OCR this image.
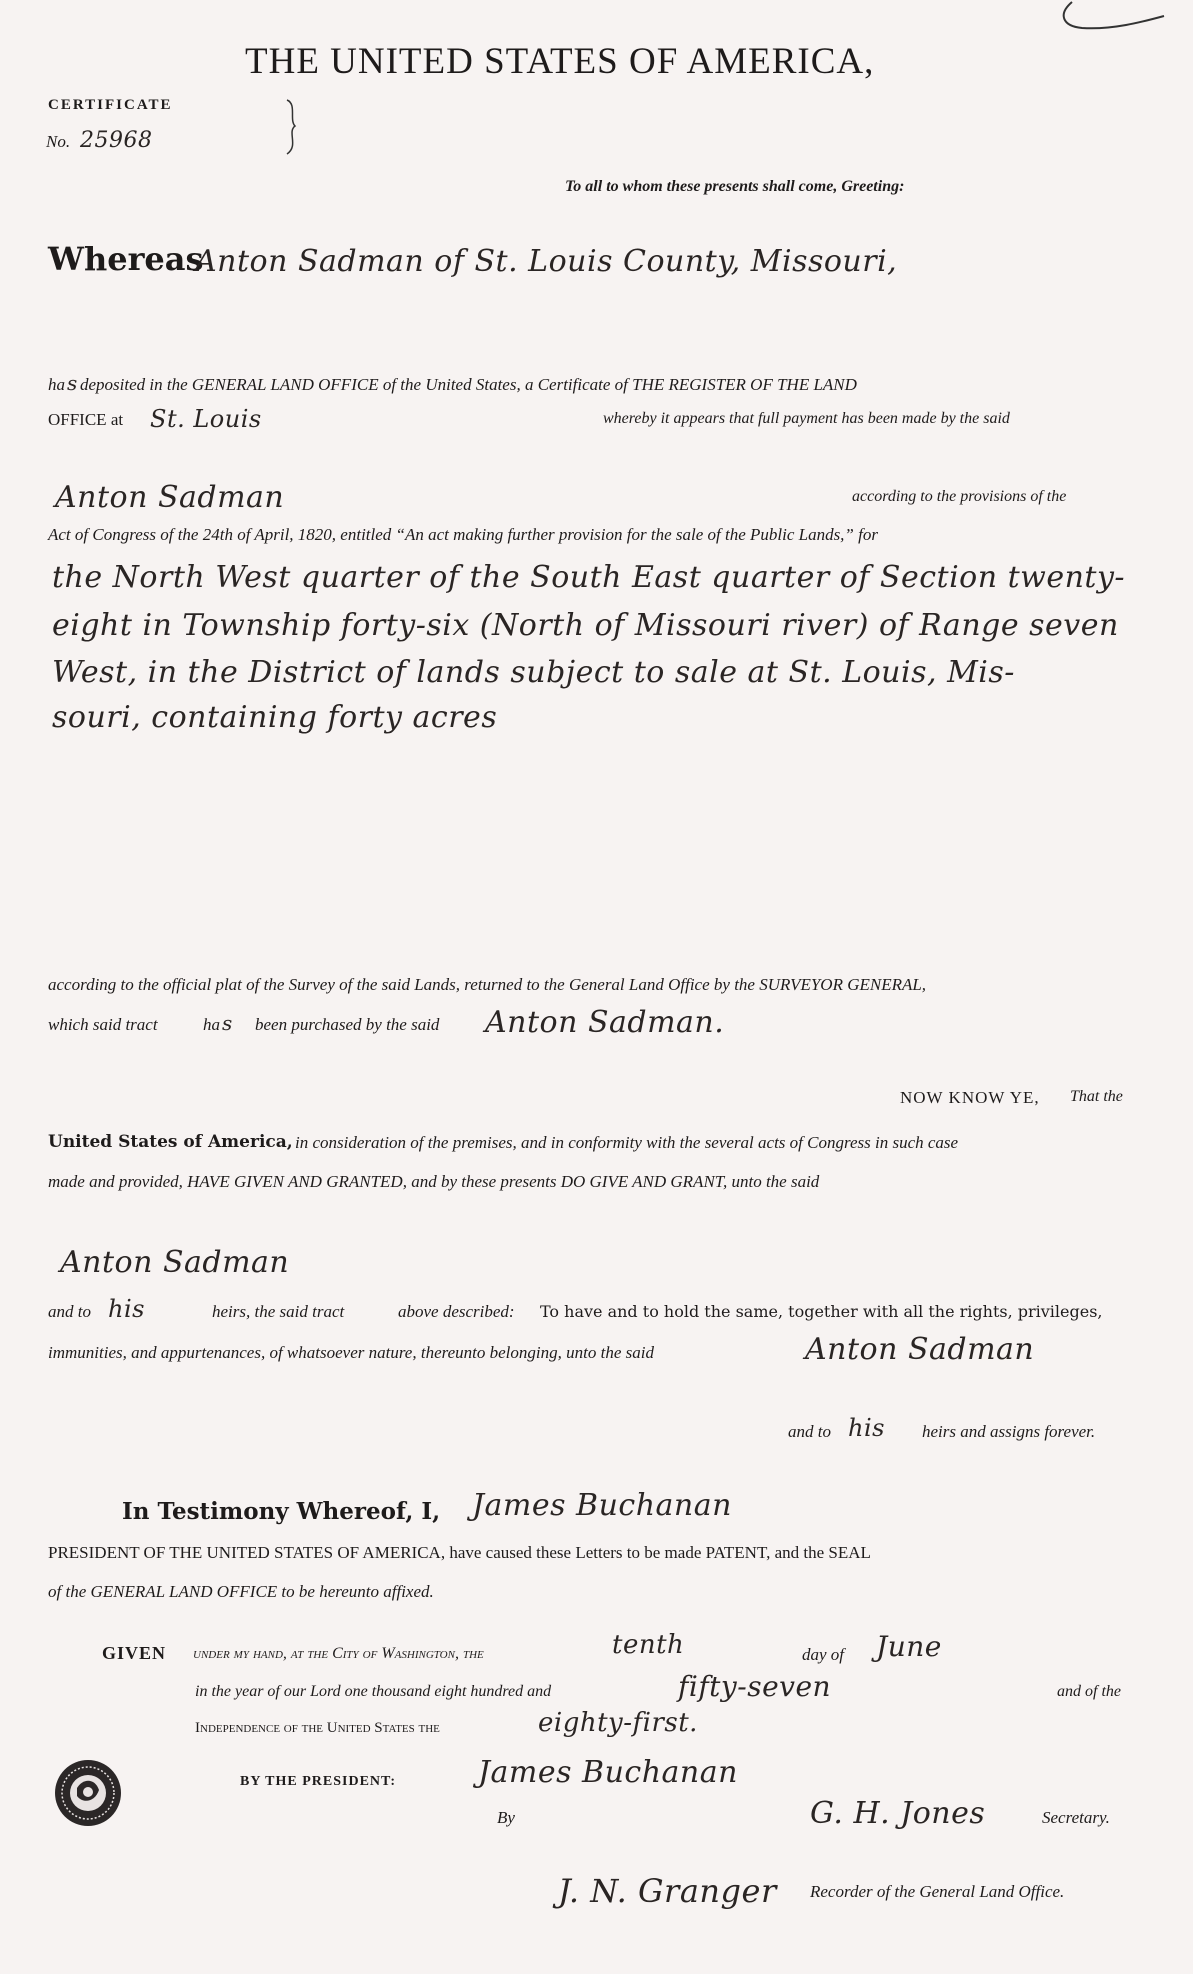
THE UNITED STATES OF AMERICA,
CERTIFICATE
No. 25968
To all to whom these presents shall come, Greeting:
Whereas
Anton Sadman of St. Louis County, Missouri,
ha s deposited in the GENERAL LAND OFFICE of the United States, a Certificate of THE REGISTER OF THE LAND
OFFICE at St. Louis	whereby it appears that full payment has been made by the said
Anton Sadman	according to the provisions of the
Act of Congress of the 24th of April, 1820, entitled “An act making further provision for the sale of the Public Lands,” for
the North West quarter of the South East quarter of Section twenty-
eight in Township forty-six (North of Missouri river) of Range seven
West, in the District of lands subject to sale at St. Louis, Mis-
souri, containing forty acres
according to the official plat of the Survey of the said Lands, returned to the General Land Office by the SURVEYOR GENERAL,
which said tract	ha s been purchased by the said Anton Sadman.
NOW KNOW YE, That the
United States of America, in consideration of the premises, and in conformity with the several acts of Congress in such case
made and provided, HAVE GIVEN AND GRANTED, and by these presents DO GIVE AND GRANT, unto the said
Anton Sadman
and to his	heirs, the said tract	above described: To have and to hold the same, together with all the rights, privileges,
immunities, and appurtenances, of whatsoever nature, thereunto belonging, unto the said	Anton Sadman
and to his heirs and assigns forever.
In Testimony Whereof, I, James Buchanan
PRESIDENT OF THE UNITED STATES OF AMERICA, have caused these Letters to be made PATENT, and the SEAL
of the GENERAL LAND OFFICE to be hereunto affixed.
GIVEN under my hand, at the City of Washington, the	tenth	day of June
in the year of our Lord one thousand eight hundred and	fifty-seven	and of the
Independence of the United States the	eighty-first.
BY THE PRESIDENT:	James Buchanan
By	G. H. Jones	Secretary.
J. N. Granger Recorder of the General Land Office.
